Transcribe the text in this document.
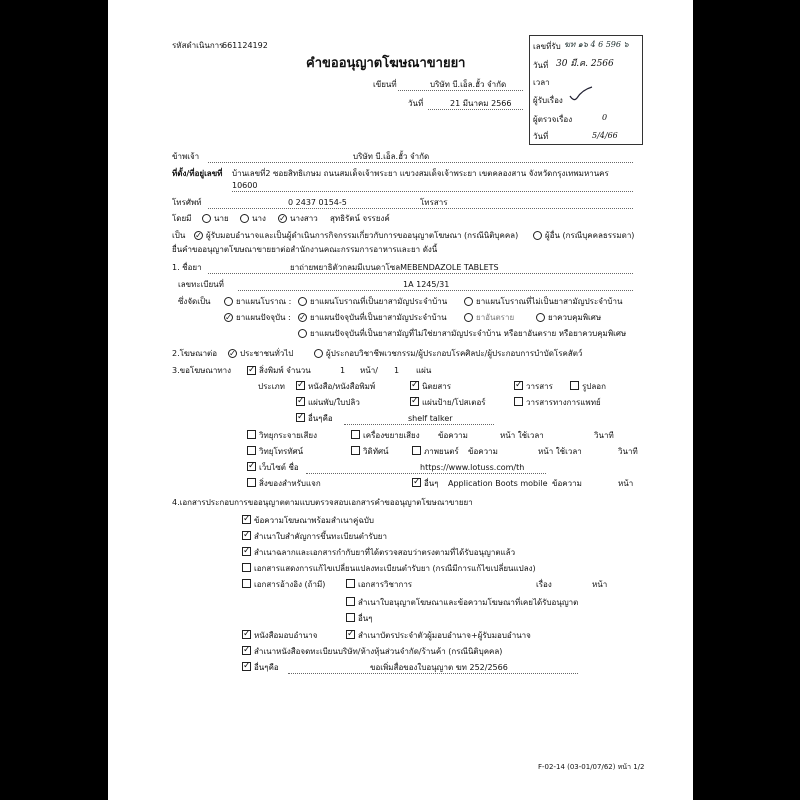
รหัสดำเนินการ
661124192
คำขออนุญาตโฆษณาขายยา
เขียนที่	บริษัท บี.เอ็ล.ฮั้ว จำกัด
วันที่	21 มีนาคม 2566
เลขที่รับ ฆท ๑๖ 4 6 596 ๖
วันที่ 30 มี.ค. 2566
เวลา
ผู้รับเรื่อง
ผู้ตรวจเรื่อง	0
วันที่	5/4/66
ข้าพเจ้า	บริษัท บี.เอ็ล.ฮั้ว จำกัด
ที่ตั้ง/ที่อยู่เลขที่ บ้านเลขที่2 ซอยสิทธิเกษม ถนนสมเด็จเจ้าพระยา แขวงสมเด็จเจ้าพระยา เขตคลองสาน จังหวัดกรุงเทพมหานคร
10600
โทรศัพท์	0 2437 0154-5	โทรสาร
โดยมี	นาย	นาง ✓ นางสาว สุทธิรัตน์ จรรยงค์
เป็น ✓ ผู้รับมอบอำนาจและเป็นผู้ดำเนินการกิจกรรมเกี่ยวกับการขออนุญาตโฆษณา (กรณีนิติบุคคล)	ผู้อื่น (กรณีบุคคลธรรมดา)
ยื่นคำขออนุญาตโฆษณาขายยาต่อสำนักงานคณะกรรมการอาหารและยา ดังนี้
1. ชื่อยา	ยาถ่ายพยาธิตัวกลมมีเบนดาโซลMEBENDAZOLE TABLETS
เลขทะเบียนที่	1A 1245/31
ซึ่งจัดเป็น	ยาแผนโบราณ : ยาแผนโบราณที่เป็นยาสามัญประจำบ้าน	ยาแผนโบราณที่ไม่เป็นยาสามัญประจำบ้าน
✓ ยาแผนปัจจุบัน : ✓ ยาแผนปัจจุบันที่เป็นยาสามัญประจำบ้าน	ยาอันตราย	ยาควบคุมพิเศษ
ยาแผนปัจจุบันที่เป็นยาสามัญที่ไม่ใช่ยาสามัญประจำบ้าน หรือยาอันตราย หรือยาควบคุมพิเศษ
2.โฆษณาต่อ ✓ ประชาชนทั่วไป	ผู้ประกอบวิชาชีพเวชกรรม/ผู้ประกอบโรคศิลปะ/ผู้ประกอบการบำบัดโรคสัตว์
3.ขอโฆษณาทาง ✓ สิ่งพิมพ์ จำนวน	1 หน้า/ 1 แผ่น
ประเภท ✓ หนังสือ/หนังสือพิมพ์	✓ นิตยสาร	✓ วารสาร	รูปลอก
✓ แผ่นพับ/ใบปลิว	✓ แผ่นป้าย/โปสเตอร์	วารสารทางการแพทย์
✓ อื่นๆคือ	shelf talker
วิทยุกระจายเสียง	เครื่องขยายเสียง ข้อความ	หน้า ใช้เวลา	วินาที
วิทยุโทรทัศน์	วิดิทัศน์	ภาพยนตร์ ข้อความ	หน้า ใช้เวลา	วินาที
✓ เว็บไซต์ ชื่อ	https://www.lotuss.com/th
สิ่งของสำหรับแจก	✓ อื่นๆ Application Boots mobile ข้อความ	หน้า
4.เอกสารประกอบการขออนุญาตตามแบบตรวจสอบเอกสารคำขออนุญาตโฆษณาขายยา
✓ ข้อความโฆษณาพร้อมสำเนาคู่ฉบับ
✓ สำเนาใบสำคัญการขึ้นทะเบียนตำรับยา
✓ สำเนาฉลากและเอกสารกำกับยาที่ได้ตรวจสอบว่าตรงตามที่ได้รับอนุญาตแล้ว
เอกสารแสดงการแก้ไขเปลี่ยนแปลงทะเบียนตำรับยา (กรณีมีการแก้ไขเปลี่ยนแปลง)
เอกสารอ้างอิง (ถ้ามี)	เอกสารวิชาการ	เรื่อง	หน้า
สำเนาใบอนุญาตโฆษณาและข้อความโฆษณาที่เคยได้รับอนุญาต
อื่นๆ
✓ หนังสือมอบอำนาจ	✓ สำเนาบัตรประจำตัวผู้มอบอำนาจ+ผู้รับมอบอำนาจ
✓ สำเนาหนังสือจดทะเบียนบริษัท/ห้างหุ้นส่วนจำกัด/ร้านค้า (กรณีนิติบุคคล)
✓ อื่นๆคือ	ขอเพิ่มสื่อของใบอนุญาต ฆท 252/2566
F-02-14 (03-01/07/62) หน้า 1/2
